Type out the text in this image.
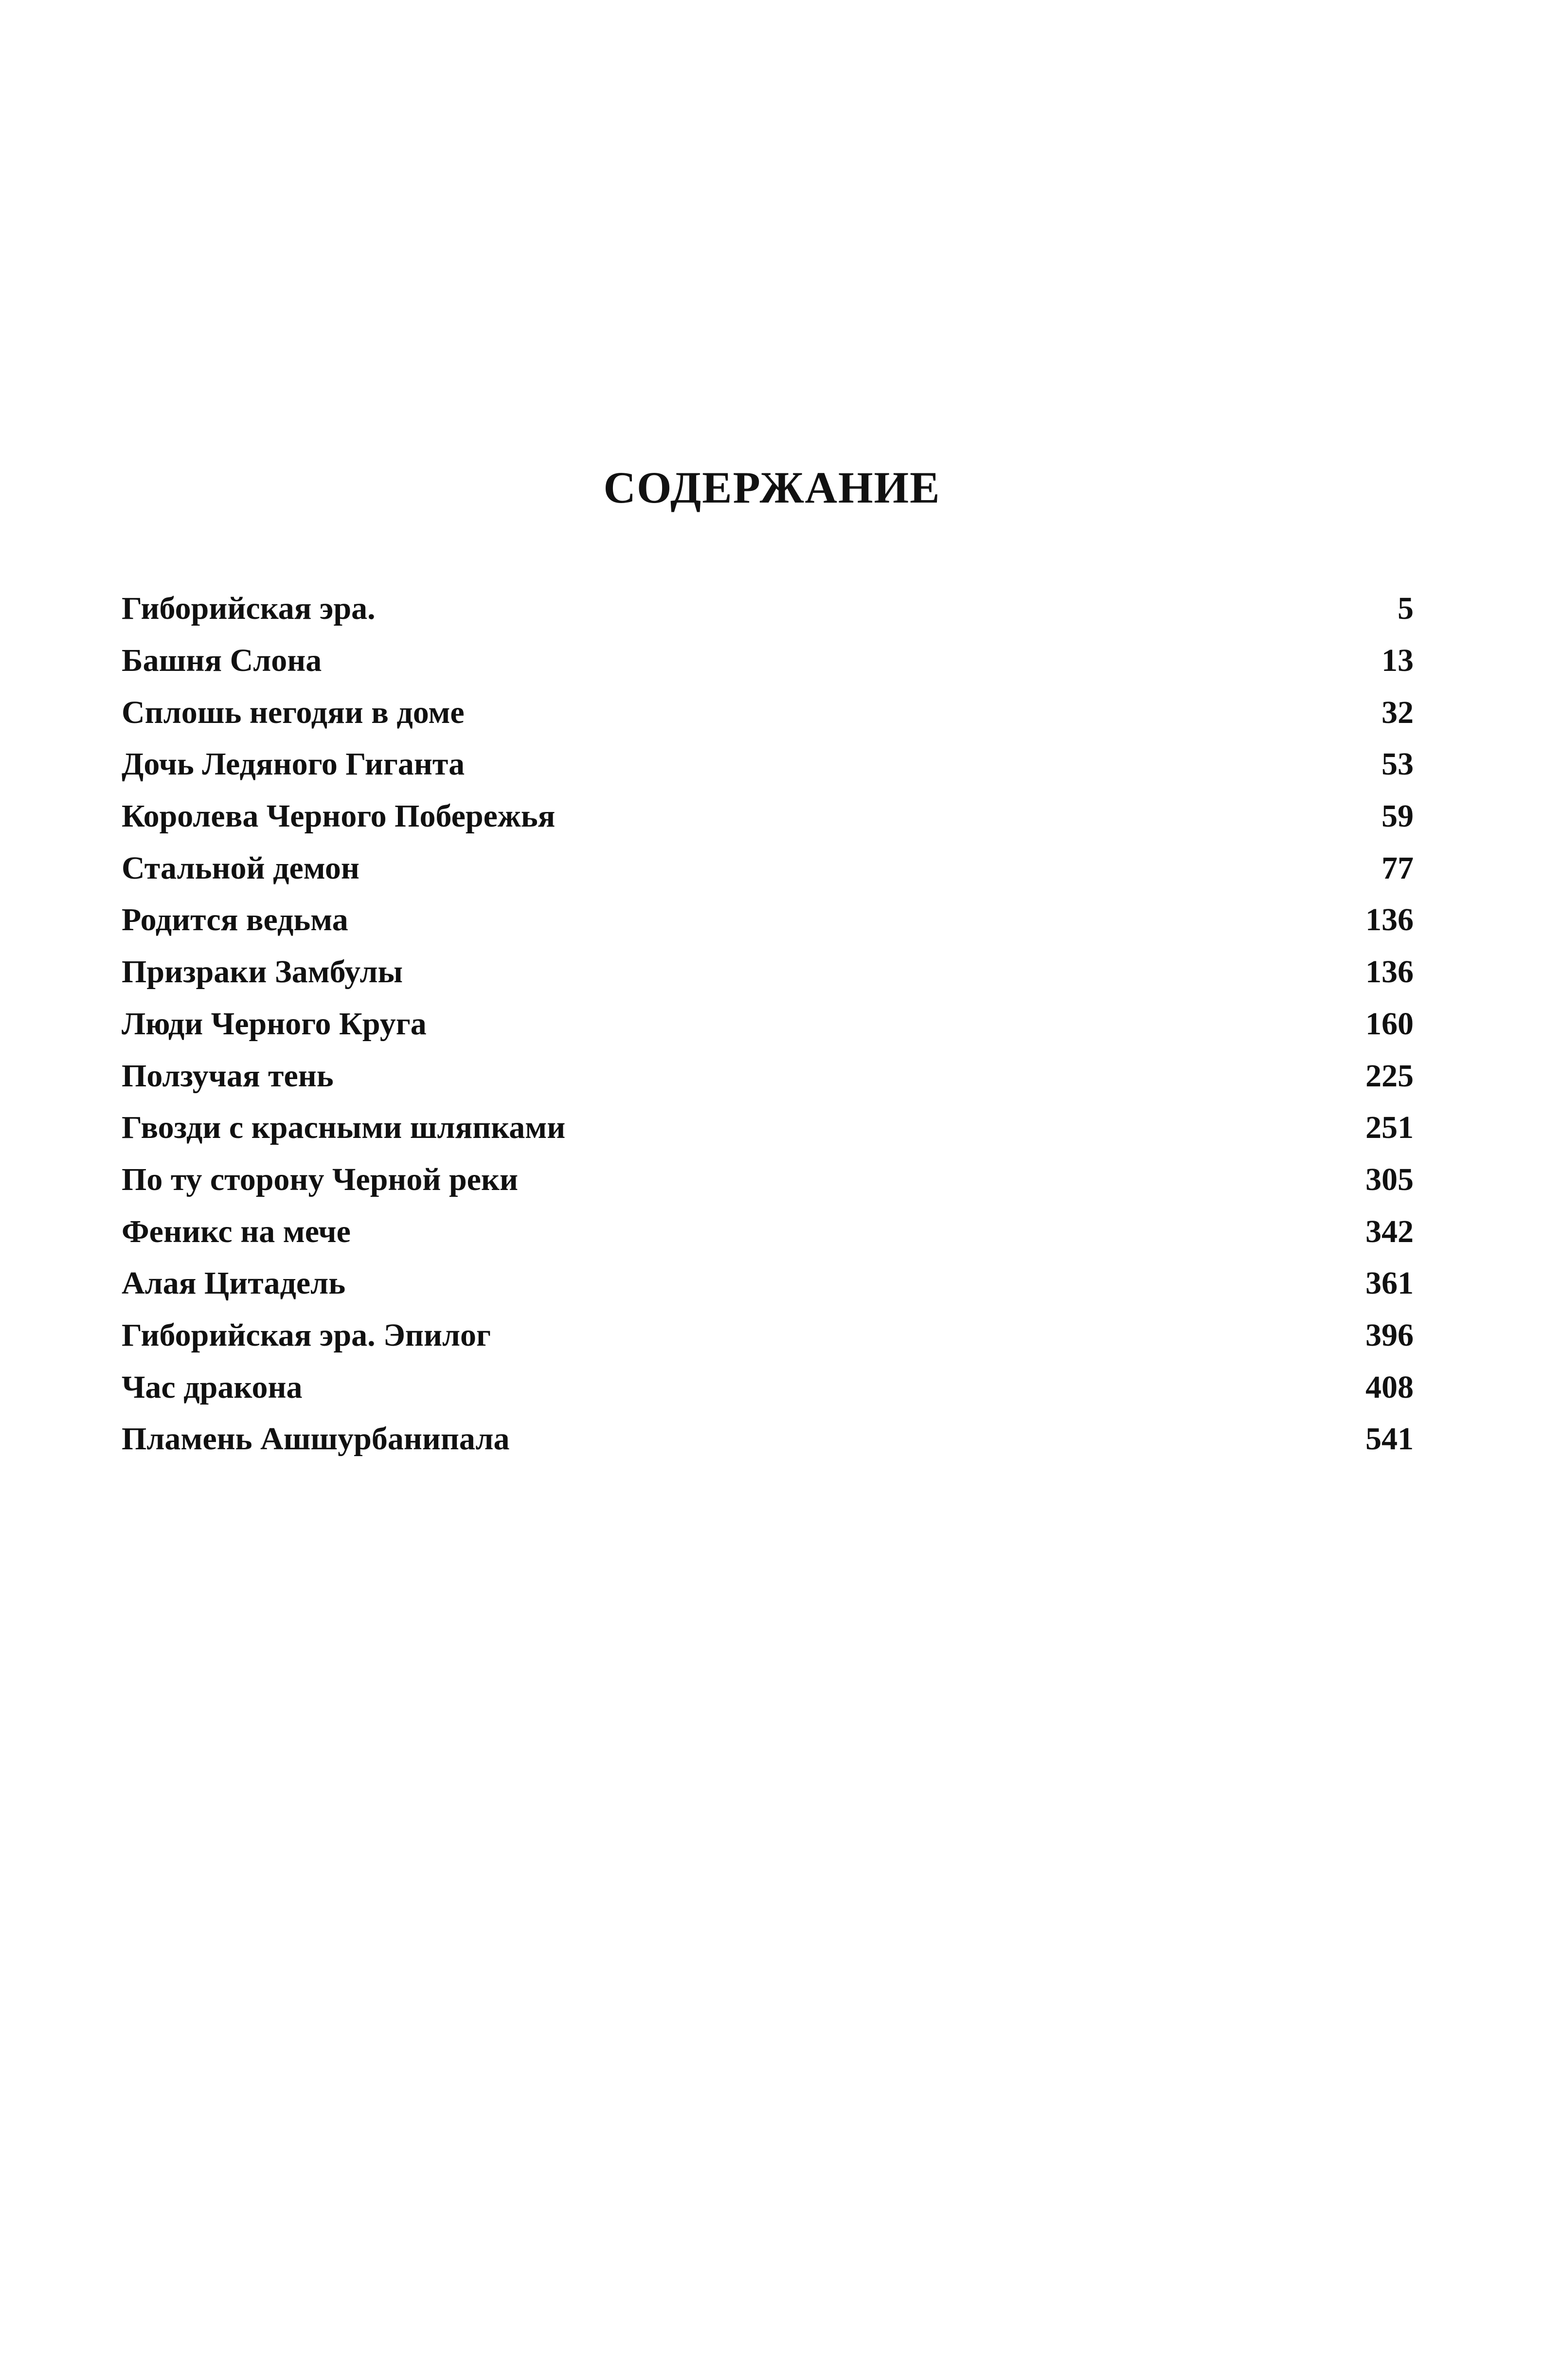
СОДЕРЖАНИЕ
Гиборийская эра.	5
Башня Слона	13
Сплошь негодяи в доме	32
Дочь Ледяного Гиганта	53
Королева Черного Побережья	59
Стальной демон	77
Родится ведьма	136
Призраки Замбулы	136
Люди Черного Круга	160
Ползучая тень	225
Гвозди с красными шляпками	251
По ту сторону Черной реки	305
Феникс на мече	342
Алая Цитадель	361
Гиборийская эра. Эпилог	396
Час дракона	408
Пламень Ашшурбанипала	541
